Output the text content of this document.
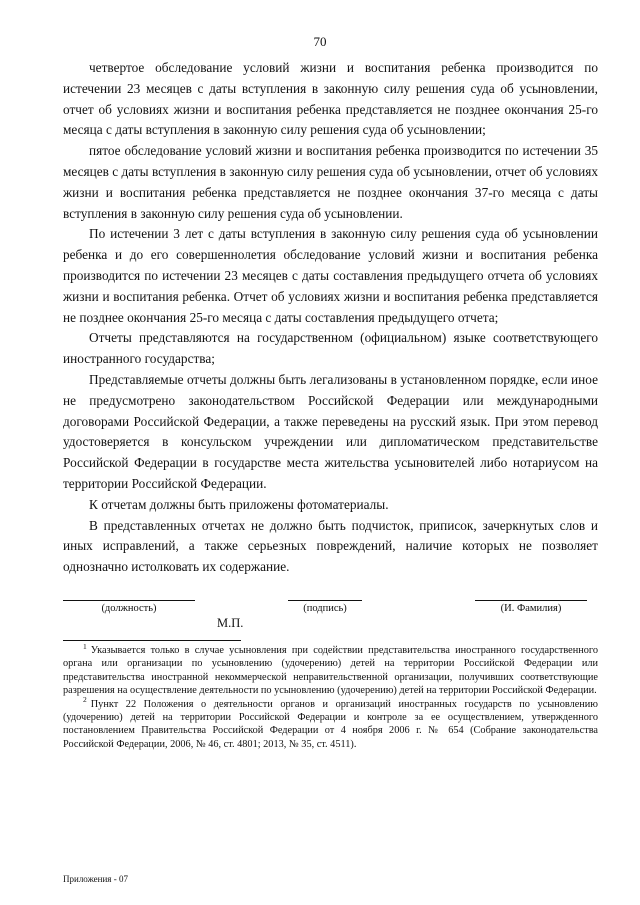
70

четвертое обследование условий жизни и воспитания ребенка производится по истечении 23 месяцев с даты вступления в законную силу решения суда об усыновлении, отчет об условиях жизни и воспитания ребенка представляется не позднее окончания 25-го месяца с даты вступления в законную силу решения суда об усыновлении;

пятое обследование условий жизни и воспитания ребенка производится по истечении 35 месяцев с даты вступления в законную силу решения суда об усыновлении, отчет об условиях жизни и воспитания ребенка представляется не позднее окончания 37-го месяца с даты вступления в законную силу решения суда об усыновлении.

По истечении 3 лет с даты вступления в законную силу решения суда об усыновлении ребенка и до его совершеннолетия обследование условий жизни и воспитания ребенка производится по истечении 23 месяцев с даты составления предыдущего отчета об условиях жизни и воспитания ребенка. Отчет об условиях жизни и воспитания ребенка представляется не позднее окончания 25-го месяца с даты составления предыдущего отчета;

Отчеты представляются на государственном (официальном) языке соответствующего иностранного государства;

Представляемые отчеты должны быть легализованы в установленном порядке, если иное не предусмотрено законодательством Российской Федерации или международными договорами Российской Федерации, а также переведены на русский язык. При этом перевод удостоверяется в консульском учреждении или дипломатическом представительстве Российской Федерации в государстве места жительства усыновителей либо нотариусом на территории Российской Федерации.

К отчетам должны быть приложены фотоматериалы.

В представленных отчетах не должно быть подчисток, приписок, зачеркнутых слов и иных исправлений, а также серьезных повреждений, наличие которых не позволяет однозначно истолковать их содержание.

(должность)	(подпись)	(И. Фамилия)
М.П.

$^1$ Указывается только в случае усыновления при содействии представительства иностранного государственного органа или организации по усыновлению (удочерению) детей на территории Российской Федерации или представительства иностранной некоммерческой неправительственной организации, получивших соответствующие разрешения на осуществление деятельности по усыновлению (удочерению) детей на территории Российской Федерации.

$^2$ Пункт 22 Положения о деятельности органов и организаций иностранных государств по усыновлению (удочерению) детей на территории Российской Федерации и контроле за ее осуществлением, утвержденного постановлением Правительства Российской Федерации от 4 ноября 2006 г. № 654 (Собрание законодательства Российской Федерации, 2006, № 46, ст. 4801; 2013, № 35, ст. 4511).

Приложения - 07
